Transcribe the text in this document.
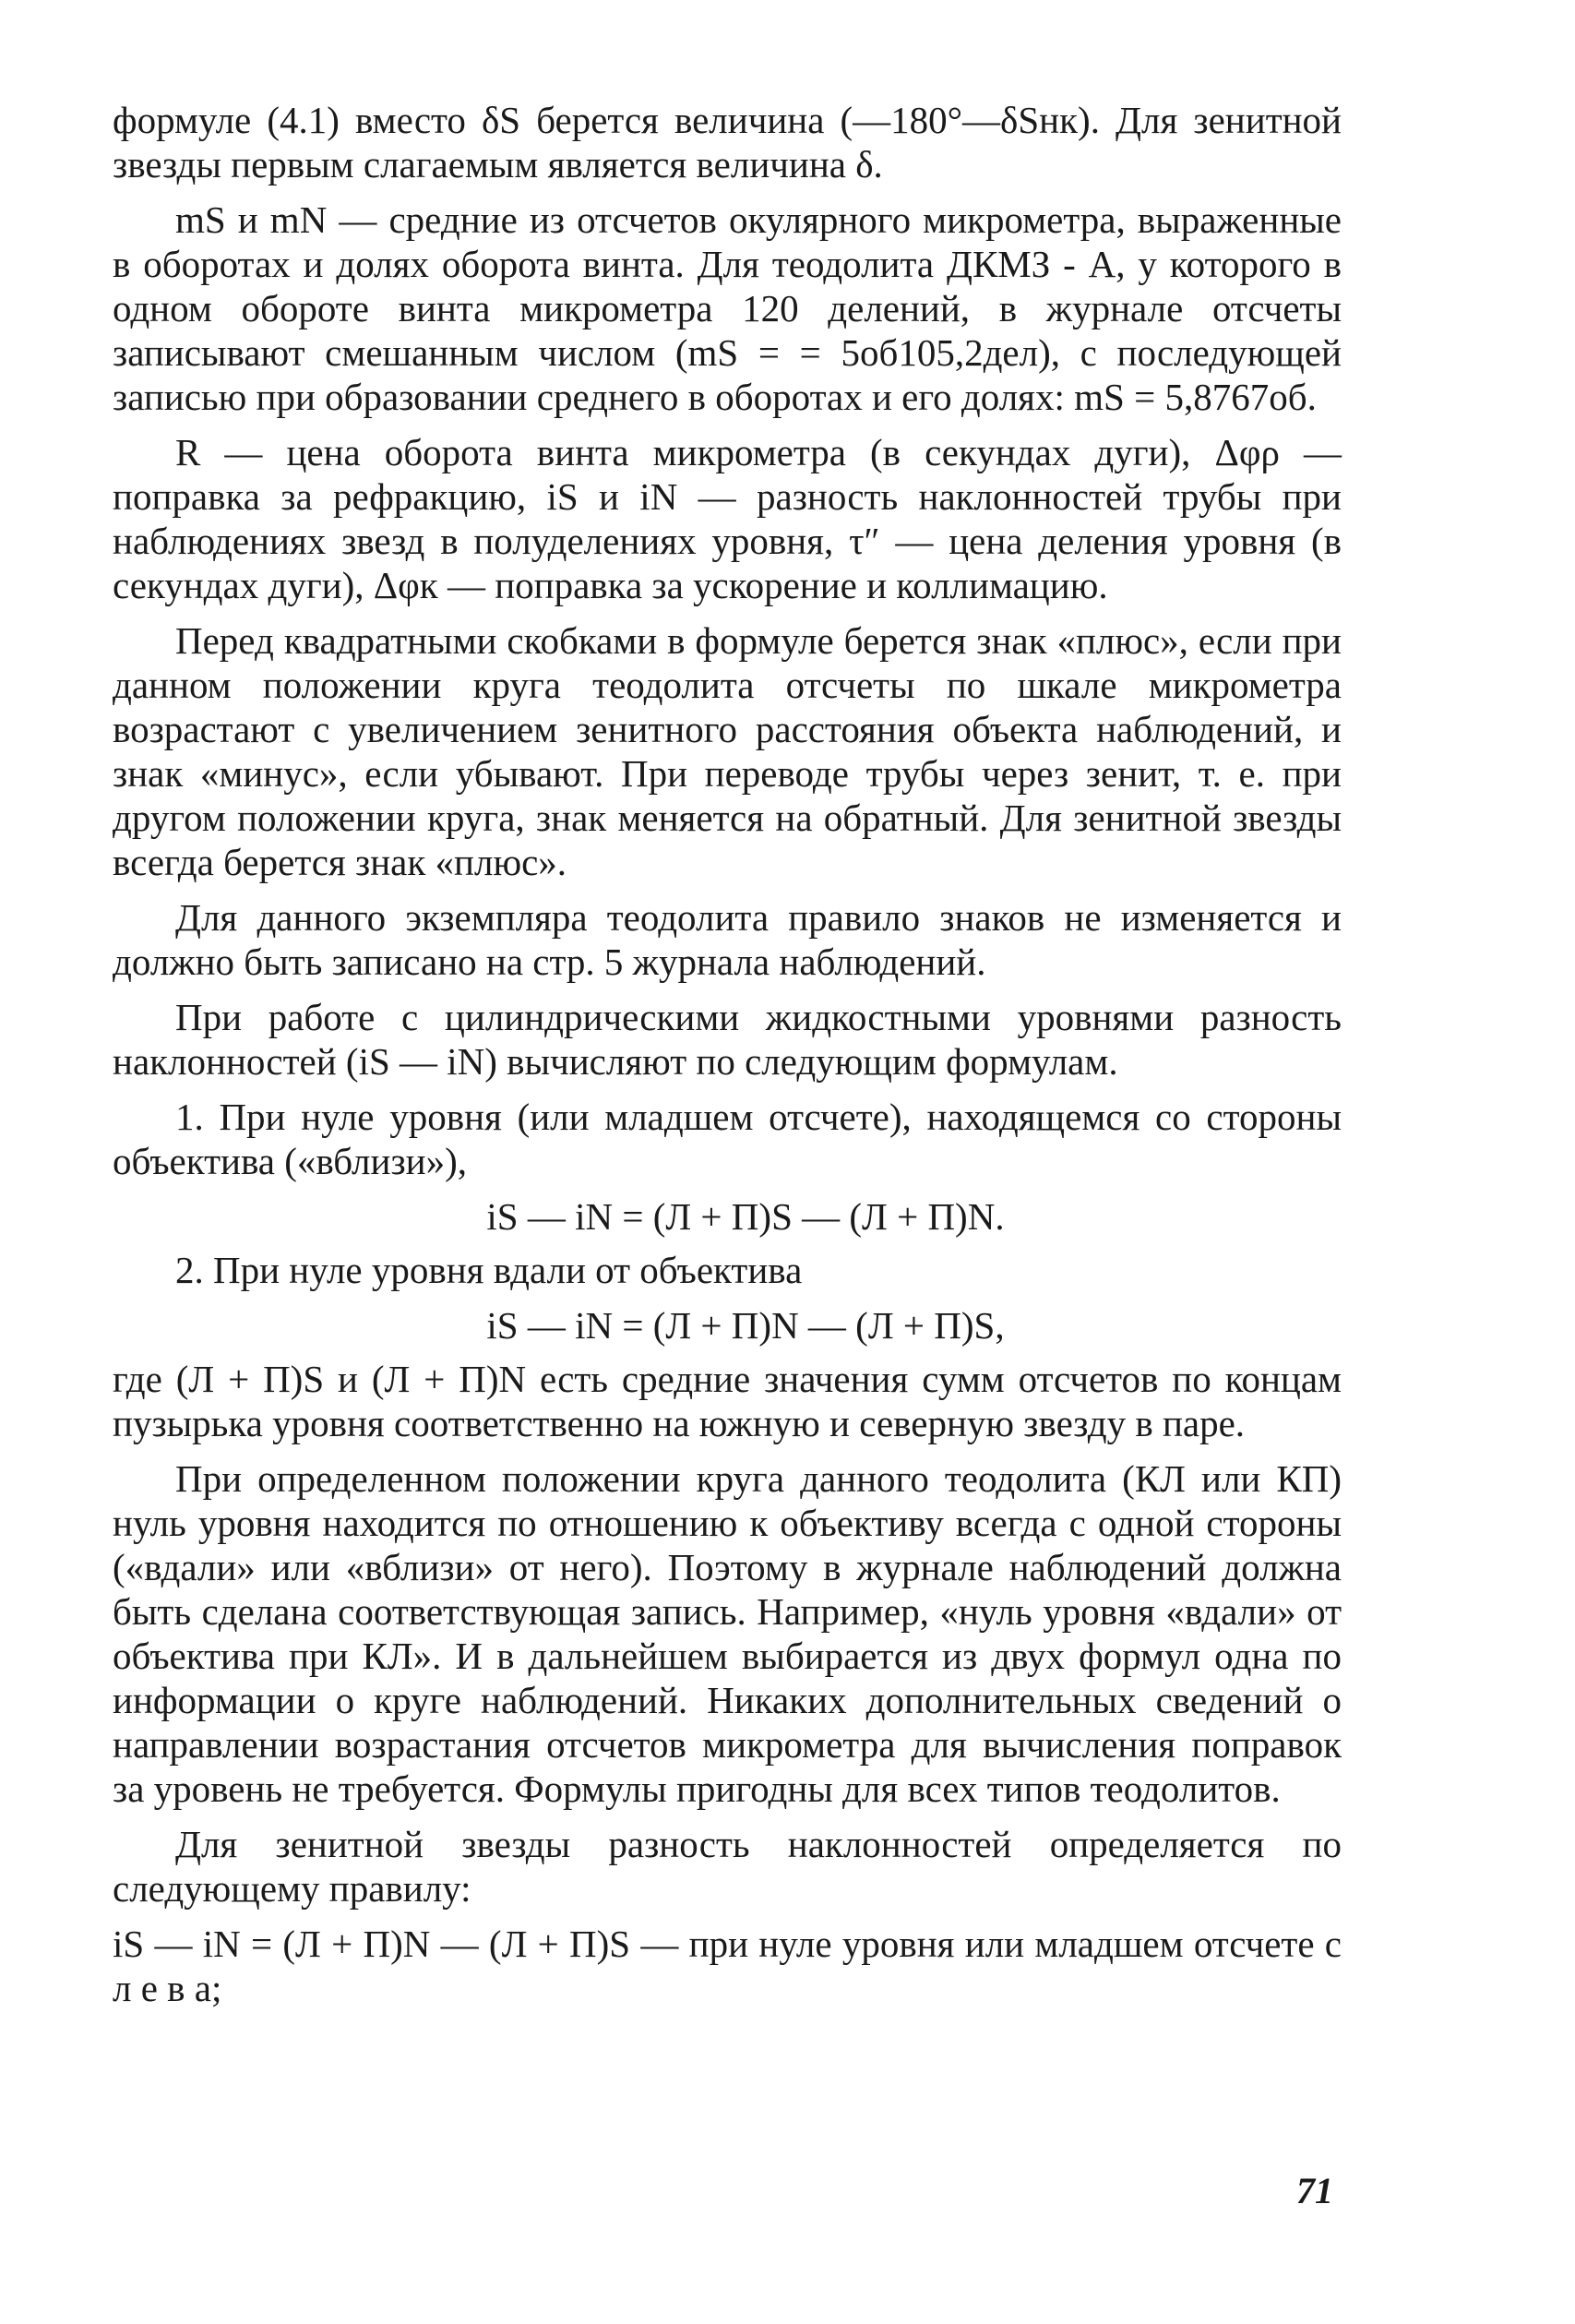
формуле (4.1) вместо δS берется величина (—180°—δSнк). Для зенитной звезды первым слагаемым является величина δ.

mS и mN — средние из отсчетов окулярного микрометра, выраженные в оборотах и долях оборота винта. Для теодолита ДКМЗ - А, у которого в одном обороте винта микрометра 120 делений, в журнале отсчеты записывают смешанным числом (mS = = 5об105,2дел), с последующей записью при образовании среднего в оборотах и его долях: mS = 5,8767об.

R — цена оборота винта микрометра (в секундах дуги), Δφρ — поправка за рефракцию, iS и iN — разность наклонностей трубы при наблюдениях звезд в полуделениях уровня, τ″ — цена деления уровня (в секундах дуги), Δφк — поправка за ускорение и коллимацию.

Перед квадратными скобками в формуле берется знак «плюс», если при данном положении круга теодолита отсчеты по шкале микрометра возрастают с увеличением зенитного расстояния объекта наблюдений, и знак «минус», если убывают. При переводе трубы через зенит, т. е. при другом положении круга, знак меняется на обратный. Для зенитной звезды всегда берется знак «плюс».

Для данного экземпляра теодолита правило знаков не изменяется и должно быть записано на стр. 5 журнала наблюдений.

При работе с цилиндрическими жидкостными уровнями разность наклонностей (iS — iN) вычисляют по следующим формулам.

1. При нуле уровня (или младшем отсчете), находящемся со стороны объектива («вблизи»),

iS — iN = (Л + П)S — (Л + П)N.

2. При нуле уровня вдали от объектива

iS — iN = (Л + П)N — (Л + П)S,

где (Л + П)S и (Л + П)N есть средние значения сумм отсчетов по концам пузырька уровня соответственно на южную и северную звезду в паре.

При определенном положении круга данного теодолита (КЛ или КП) нуль уровня находится по отношению к объективу всегда с одной стороны («вдали» или «вблизи» от него). Поэтому в журнале наблюдений должна быть сделана соответствующая запись. Например, «нуль уровня «вдали» от объектива при КЛ». И в дальнейшем выбирается из двух формул одна по информации о круге наблюдений. Никаких дополнительных сведений о направлении возрастания отсчетов микрометра для вычисления поправок за уровень не требуется. Формулы пригодны для всех типов теодолитов.

Для зенитной звезды разность наклонностей определяется по следующему правилу:

iS — iN = (Л + П)N — (Л + П)S — при нуле уровня или младшем отсчете с л е в а;

71
